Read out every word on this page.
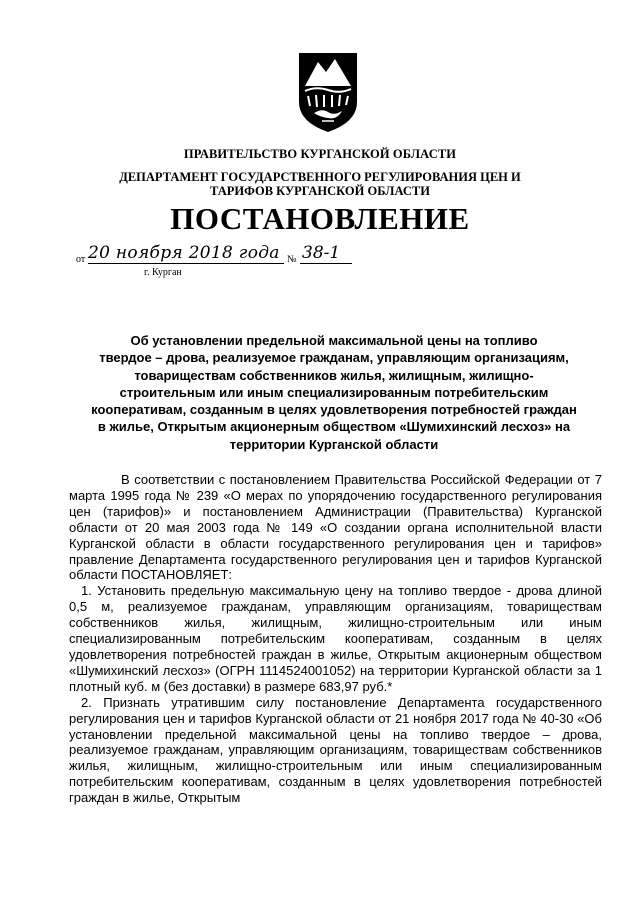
ПРАВИТЕЛЬСТВО КУРГАНСКОЙ ОБЛАСТИ
ДЕПАРТАМЕНТ ГОСУДАРСТВЕННОГО РЕГУЛИРОВАНИЯ ЦЕН И ТАРИФОВ КУРГАНСКОЙ ОБЛАСТИ
ПОСТАНОВЛЕНИЕ
от 20 ноября 2018 года № 38-1
г. Курган
Об установлении предельной максимальной цены на топливо
твердое – дрова, реализуемое гражданам, управляющим организациям,
товариществам собственников жилья, жилищным, жилищно-
строительным или иным специализированным потребительским
кооперативам, созданным в целях удовлетворения потребностей граждан
в жилье, Открытым акционерным обществом «Шумихинский лесхоз» на
территории Курганской области

В соответствии с постановлением Правительства Российской Федерации от 7 марта 1995 года № 239 «О мерах по упорядочению государственного регулирования цен (тарифов)» и постановлением Администрации (Правительства) Курганской области от 20 мая 2003 года № 149 «О создании органа исполнительной власти Курганской области в области государственного регулирования цен и тарифов» правление Департамента государственного регулирования цен и тарифов Курганской области ПОСТАНОВЛЯЕТ:

1. Установить предельную максимальную цену на топливо твердое - дрова длиной 0,5 м, реализуемое гражданам, управляющим организациям, товариществам собственников жилья, жилищным, жилищно-строительным или иным специализированным потребительским кооперативам, созданным в целях удовлетворения потребностей граждан в жилье, Открытым акционерным обществом «Шумихинский лесхоз» (ОГРН 1114524001052) на территории Курганской области за 1 плотный куб. м (без доставки) в размере 683,97 руб.*

2. Признать утратившим силу постановление Департамента государственного регулирования цен и тарифов Курганской области от 21 ноября 2017 года № 40-30 «Об установлении предельной максимальной цены на топливо твердое – дрова, реализуемое гражданам, управляющим организациям, товариществам собственников жилья, жилищным, жилищно-строительным или иным специализированным потребительским кооперативам, созданным в целях удовлетворения потребностей граждан в жилье, Открытым
